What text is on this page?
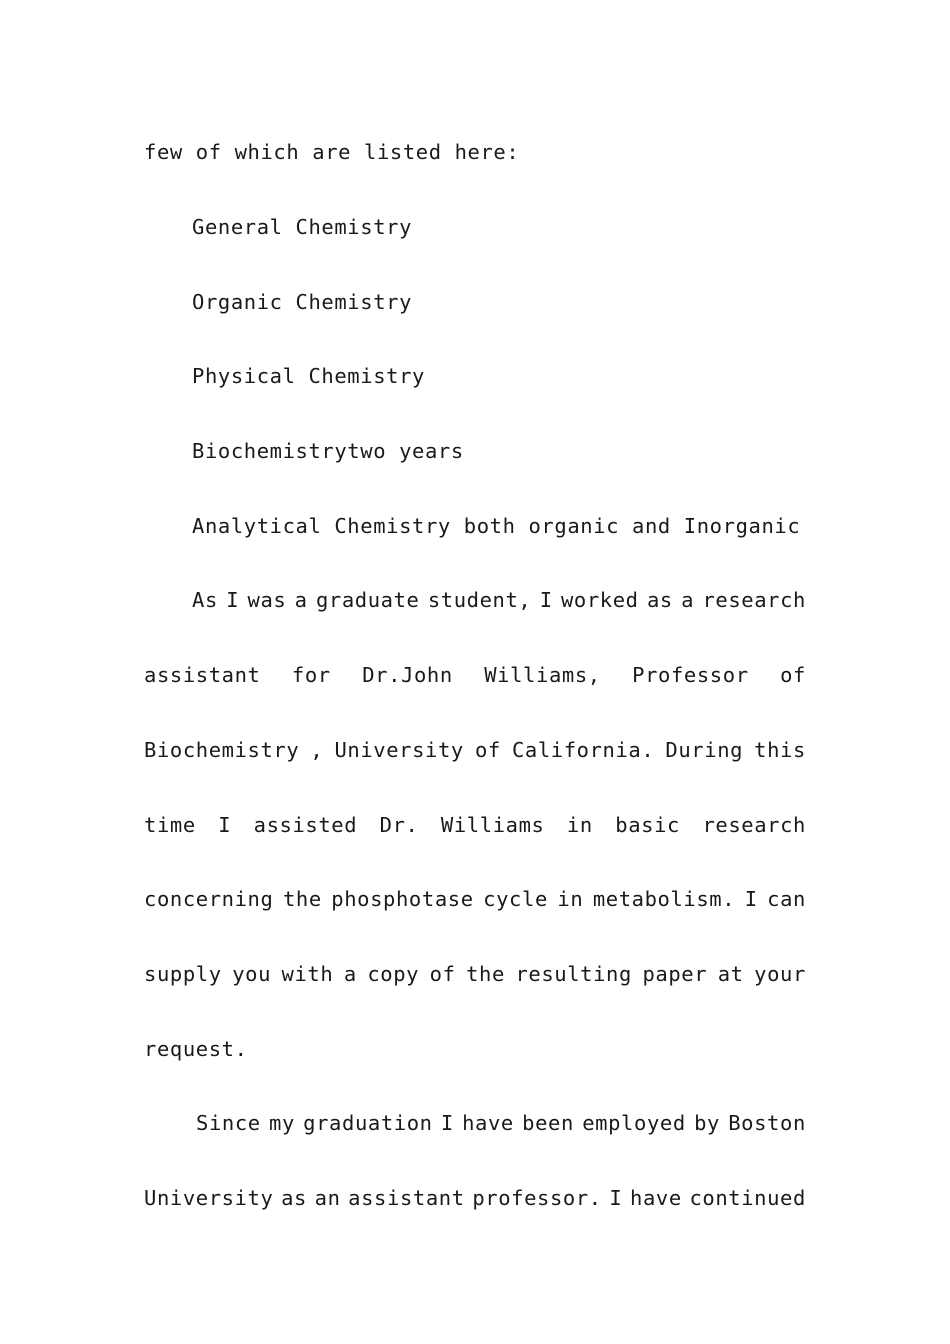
few of which are listed here:
General Chemistry
Organic Chemistry
Physical Chemistry
Biochemistrytwo years
Analytical Chemistry both organic and Inorganic
As I was a graduate student, I worked as a research
assistant for Dr.John Williams, Professor of
Biochemistry , University of California. During this
time I assisted Dr. Williams in basic research
concerning the phosphotase cycle in metabolism. I can
supply you with a copy of the resulting paper at your
request.
Since my graduation I have been employed by Boston
University as an assistant professor. I have continued
